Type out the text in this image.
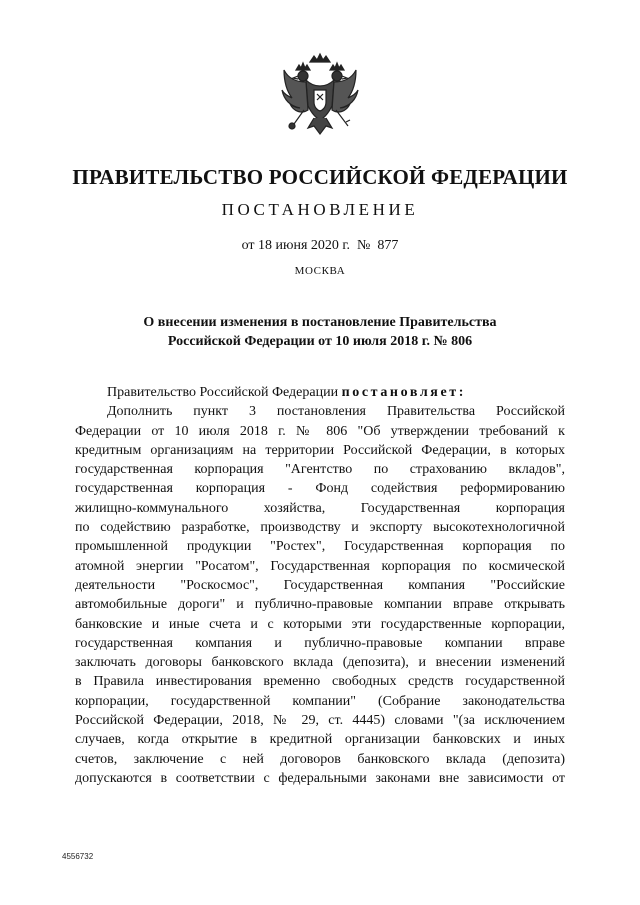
ПРАВИТЕЛЬСТВО РОССИЙСКОЙ ФЕДЕРАЦИИ
ПОСТАНОВЛЕНИЕ
от 18 июня 2020 г.  №  877
МОСКВА
О внесении изменения в постановление Правительства
Российской Федерации от 10 июля 2018 г. № 806
Правительство Российской Федерации постановляет:
Дополнить пункт 3 постановления Правительства Российской
Федерации от 10 июля 2018 г. № 806 "Об утверждении требований к
кредитным организациям на территории Российской Федерации, в которых
государственная корпорация "Агентство по страхованию вкладов",
государственная корпорация - Фонд содействия реформированию
жилищно-коммунального хозяйства, Государственная корпорация
по содействию разработке, производству и экспорту высокотехнологичной
промышленной продукции "Ростех", Государственная корпорация по
атомной энергии "Росатом", Государственная корпорация по космической
деятельности "Роскосмос", Государственная компания "Российские
автомобильные дороги" и публично-правовые компании вправе открывать
банковские и иные счета и с которыми эти государственные корпорации,
государственная компания и публично-правовые компании вправе
заключать договоры банковского вклада (депозита), и внесении изменений
в Правила инвестирования временно свободных средств государственной
корпорации, государственной компании" (Собрание законодательства
Российской Федерации, 2018, № 29, ст. 4445) словами "(за исключением
случаев, когда открытие в кредитной организации банковских и иных
счетов, заключение с ней договоров банковского вклада (депозита)
допускаются в соответствии с федеральными законами вне зависимости от
4556732
